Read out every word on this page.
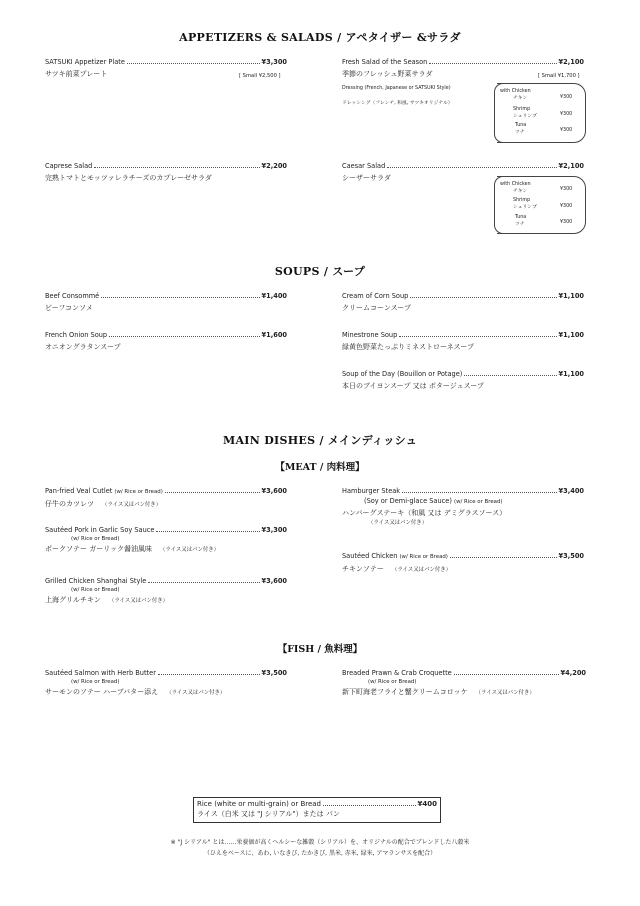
APPETIZERS & SALADS / アペタイザー &サラダ
SATSUKI Appetizer Plate	¥3,300
サツキ前菜プレート	[ Small ¥2,500 ]
Fresh Salad of the Season	¥2,100
季節のフレッシュ野菜サラダ	[ Small ¥1,700 ]
Dressing (French, Japanese or SATSUKI Style)
ドレッシング（フレンチ, 和風, サツキオリジナル）
with Chicken
チキン	¥300
Shrimp
シュリンプ	¥300
Tuna
ツナ	¥300
Caprese Salad	¥2,200
完熟トマトとモッツァレラチーズのカプレーゼサラダ
Caesar Salad	¥2,100
シーザーサラダ
with Chicken
チキン	¥300
Shrimp
シュリンプ	¥300
Tuna
ツナ	¥300
SOUPS / スープ
Beef Consommé	¥1,400
ビーフコンソメ
French Onion Soup	¥1,600
オニオングラタンスープ
Cream of Corn Soup	¥1,100
クリームコーンスープ
Minestrone Soup	¥1,100
緑黄色野菜たっぷりミネストローネスープ
Soup of the Day (Bouillon or Potage)	¥1,100
本日のブイヨンスープ 又は ポタージュスープ
MAIN DISHES / メインディッシュ
【MEAT / 肉料理】
Pan-fried Veal Cutlet (w/ Rice or Bread)	¥3,600
仔牛のカツレツ （ライス又はパン付き）
Sautéed Pork in Garlic Soy Sauce	¥3,300
(w/ Rice or Bread)
ポークソテー ガーリック醤油風味 （ライス又はパン付き）
Grilled Chicken Shanghai Style	¥3,600
(w/ Rice or Bread)
上海グリルチキン （ライス又はパン付き）
Hamburger Steak	¥3,400
(Soy or Demi-glace Sauce) (w/ Rice or Bread)
ハンバーグステーキ（和風 又は デミグラスソース）
（ライス又はパン付き）
Sautéed Chicken (w/ Rice or Bread)	¥3,500
チキンソテー （ライス又はパン付き）
【FISH / 魚料理】
Sautéed Salmon with Herb Butter	¥3,500
(w/ Rice or Bread)
サーモンのソテー ハーブバター添え （ライス又はパン付き）
Breaded Prawn & Crab Croquette	¥4,200
(w/ Rice or Bread)
新下町海老フライと蟹クリームコロッケ （ライス又はパン付き）
Rice (white or multi-grain) or Bread	¥400
ライス（白米 又は "J シリアル"）または パン
※ "J シリアル" とは……栄養価が高くヘルシーな雑穀（シリアル）を、オリジナルの配合でブレンドした八穀米
（ひえをベースに、あわ, いなきび, たかきび, 黒米, 赤米, 緑米, アマランサスを配合）
